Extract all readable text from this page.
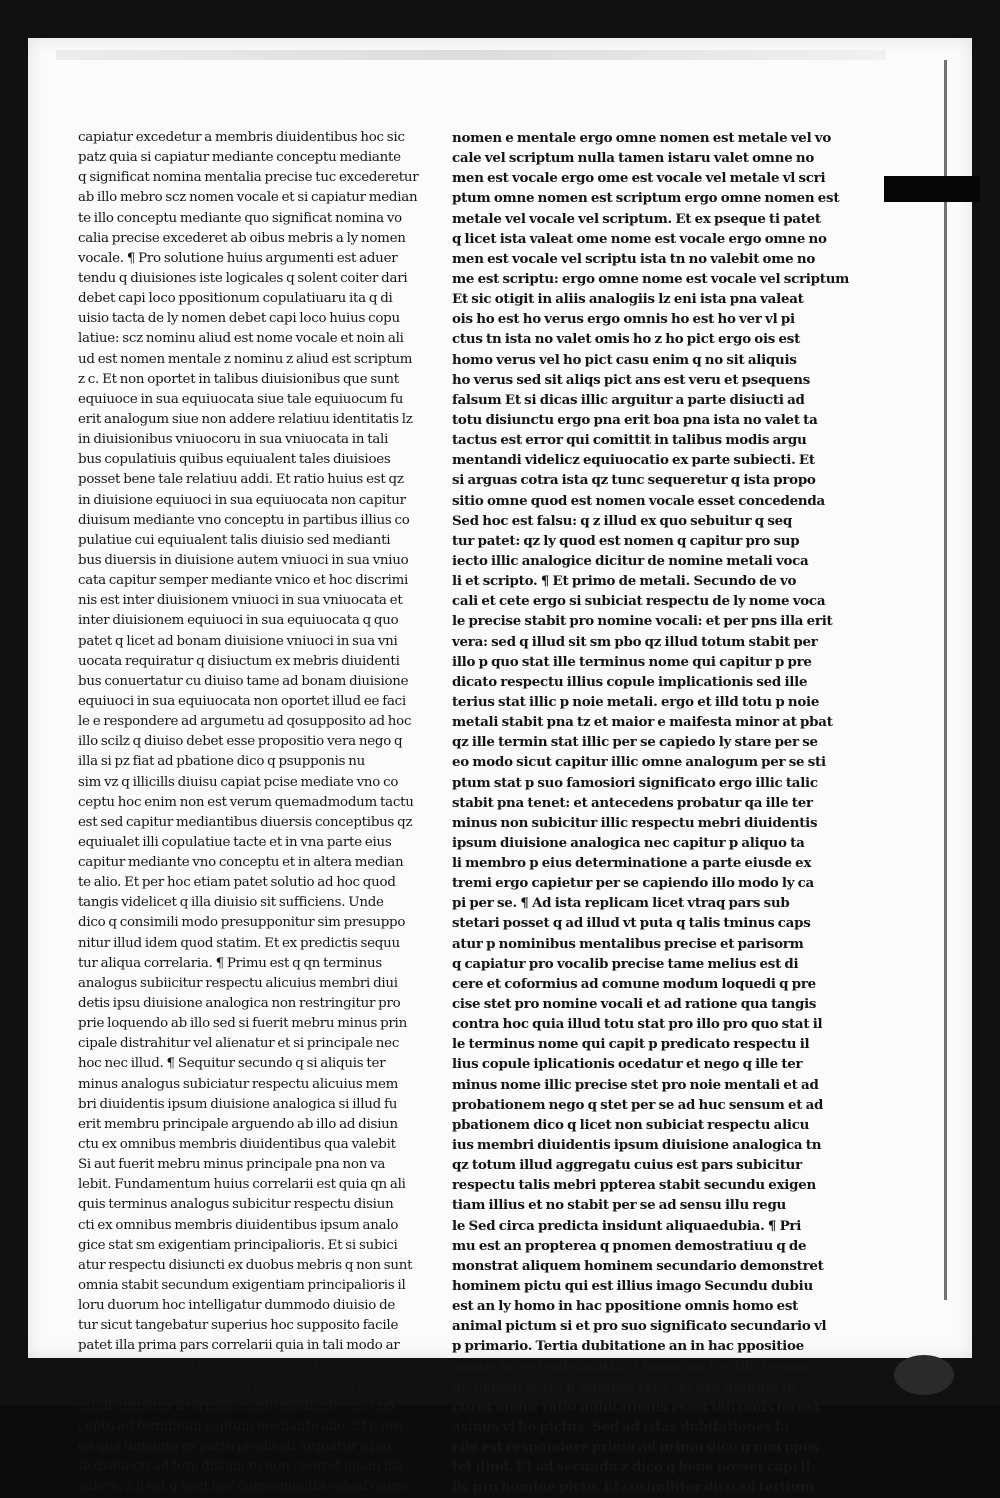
capiatur excedetur a membris diuidentibus hoc sic
patz quia si capiatur mediante conceptu mediante
q significat nomina mentalia precise tuc excederetur
ab illo mebro scz nomen vocale et si capiatur median
te illo conceptu mediante quo significat nomina vo
calia precise excederet ab oibus mebris a ly nomen
vocale. ¶ Pro solutione huius argumenti est aduer
tendu q diuisiones iste logicales q solent coiter dari
debet capi loco ppositionum copulatiuaru ita q di
uisio tacta de ly nomen debet capi loco huius copu
latiue: scz nominu aliud est nome vocale et noin ali
ud est nomen mentale z nominu z aliud est scriptum
z c. Et non oportet in talibus diuisionibus que sunt
equiuoce in sua equiuocata siue tale equiuocum fu
erit analogum siue non addere relatiuu identitatis lz
in diuisionibus vniuocoru in sua vniuocata in tali
bus copulatiuis quibus equiualent tales diuisioes
posset bene tale relatiuu addi. Et ratio huius est qz
in diuisione equiuoci in sua equiuocata non capitur
diuisum mediante vno conceptu in partibus illius co
pulatiue cui equiualent talis diuisio sed medianti
bus diuersis in diuisione autem vniuoci in sua vniuo
cata capitur semper mediante vnico et hoc discrimi
nis est inter diuisionem vniuoci in sua vniuocata et
inter diuisionem equiuoci in sua equiuocata q quo
patet q licet ad bonam diuisione vniuoci in sua vni
uocata requiratur q disiuctum ex mebris diuidenti
bus conuertatur cu diuiso tame ad bonam diuisione
equiuoci in sua equiuocata non oportet illud ee faci
le e respondere ad argumetu ad qosupposito ad hoc
illo scilz q diuiso debet esse propositio vera nego q
illa si pz fiat ad pbatione dico q psupponis nu
sim vz q illicills diuisu capiat pcise mediate vno co
ceptu hoc enim non est verum quemadmodum tactu
est sed capitur mediantibus diuersis conceptibus qz
equiualet illi copulatiue tacte et in vna parte eius
capitur mediante vno conceptu et in altera median
te alio. Et per hoc etiam patet solutio ad hoc quod
tangis videlicet q illa diuisio sit sufficiens. Unde
dico q consimili modo presupponitur sim presuppo
nitur illud idem quod statim. Et ex predictis sequu
tur aliqua correlaria. ¶ Primu est q qn terminus
analogus subiicitur respectu alicuius membri diui
detis ipsu diuisione analogica non restringitur pro
prie loquendo ab illo sed si fuerit mebru minus prin
cipale distrahitur vel alienatur et si principale nec
hoc nec illud. ¶ Sequitur secundo q si aliquis ter
minus analogus subiciatur respectu alicuius mem
bri diuidentis ipsum diuisione analogica si illud fu
erit membru principale arguendo ab illo ad disiun
ctu ex omnibus membris diuidentibus qua valebit
Si aut fuerit mebru minus principale pna non va
lebit. Fundamentum huius correlarii est quia qn ali
quis terminus analogus subicitur respectu disiun
cti ex omnibus membris diuidentibus ipsum analo
gice stat sm exigentiam principalioris. Et si subici
atur respectu disiuncti ex duobus mebris q non sunt
omnia stabit secundum exigentiam principalioris il
loru duorum hoc intelligatur dummodo diuisio de
tur sicut tangebatur superius hoc supposito facile
patet illa prima pars correlarii quia in tali modo ar
guendi arguetur a parte disiuncti ad totu disiuctu z
absq errore z secunda pz q a in tali modo argumen
tandi arguetur a termino capto mediante vno con
ceptu ad terminum captum mediante alio. Et p pre
ea qua tuncunq ex parte predicati arguatur a par
te disiuncti ad totu disiunctu non oportet pnam illa
valere: z ii est q licet hec consequentia valeat omne
nomen e mentale ergo omne nomen est metale vel vo
cale vel scriptum nulla tamen istaru valet omne no
men est vocale ergo ome est vocale vel metale vl scri
ptum omne nomen est scriptum ergo omne nomen est
metale vel vocale vel scriptum. Et ex pseque ti patet
q licet ista valeat ome nome est vocale ergo omne no
men est vocale vel scriptu ista tn no valebit ome no
me est scriptu: ergo omne nome est vocale vel scriptum
Et sic otigit in aliis analogiis lz eni ista pna valeat
ois ho est ho verus ergo omnis ho est ho ver vl pi
ctus tn ista no valet omis ho z ho pict ergo ois est
homo verus vel ho pict casu enim q no sit aliquis
ho verus sed sit aliqs pict ans est veru et psequens
falsum Et si dicas illic arguitur a parte disiucti ad
totu disiunctu ergo pna erit boa pna ista no valet ta
tactus est error qui comittit in talibus modis argu
mentandi videlicz equiuocatio ex parte subiecti. Et
si arguas cotra ista qz tunc sequeretur q ista propo
sitio omne quod est nomen vocale esset concedenda
Sed hoc est falsu: q z illud ex quo sebuitur q seq
tur patet: qz ly quod est nomen q capitur pro sup
iecto illic analogice dicitur de nomine metali voca
li et scripto. ¶ Et primo de metali. Secundo de vo
cali et cete ergo si subiciat respectu de ly nome voca
le precise stabit pro nomine vocali: et per pns illa erit
vera: sed q illud sit sm pbo qz illud totum stabit per
illo p quo stat ille terminus nome qui capitur p pre
dicato respectu illius copule implicationis sed ille
terius stat illic p noie metali. ergo et illd totu p noie
metali stabit pna tz et maior e maifesta minor at pbat
qz ille termin stat illic per se capiedo ly stare per se
eo modo sicut capitur illic omne analogum per se sti
ptum stat p suo famosiori significato ergo illic talic
stabit pna tenet: et antecedens probatur qa ille ter
minus non subicitur illic respectu mebri diuidentis
ipsum diuisione analogica nec capitur p aliquo ta
li membro p eius determinatione a parte eiusde ex
tremi ergo capietur per se capiendo illo modo ly ca
pi per se. ¶ Ad ista replicam licet vtraq pars sub
stetari posset q ad illud vt puta q talis tminus caps
atur p nominibus mentalibus precise et parisorm
q capiatur pro vocalib precise tame melius est di
cere et coformius ad comune modum loquedi q pre
cise stet pro nomine vocali et ad ratione qua tangis
contra hoc quia illud totu stat pro illo pro quo stat il
le terminus nome qui capit p predicato respectu il
lius copule iplicationis ocedatur et nego q ille ter
minus nome illic precise stet pro noie mentali et ad
probationem nego q stet per se ad huc sensum et ad
pbationem dico q licet non subiciat respectu alicu
ius membri diuidentis ipsum diuisione analogica tn
qz totum illud aggregatu cuius est pars subicitur
respectu talis mebri ppterea stabit secundu exigen
tiam illius et no stabit per se ad sensu illu regu
le Sed circa predicta insidunt aliquaedubia. ¶ Pri
mu est an propterea q pnomen demostratiuu q de
monstrat aliquem hominem secundario demonstret
hominem pictu qui est illius imago Secundu dubiu
est an ly homo in hac ppositione omnis homo est
animal pictum si et pro suo significato secundario vl
p primario. Tertia dubitatione an in hac ppositioe
omnis ho est substantia vt homo pictus ille termin
ho debeat stare p homine vero vel pro homine pi
cto et maior ratio dubitationis esset ibi: omis ho est
asinus vl ho pictus. Sed ad istas dubitationes fa
cile est respondere primo ad primu dico q non ppos
tet illud. Et ad secundu z dico q bene posset capi il
lic pro homine picto. Et cosimiliter dico ad tertium
